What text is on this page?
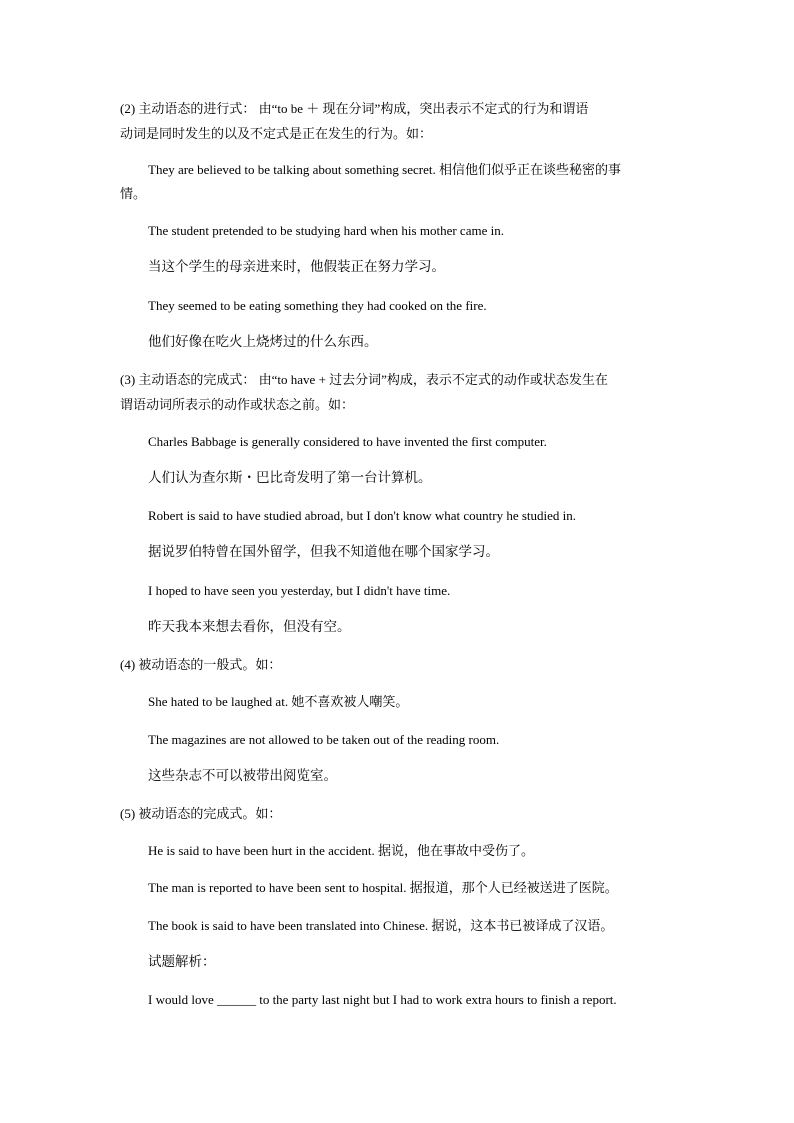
(2) 主动语态的进行式： 由“to be ＋ 现在分词”构成，突出表示不定式的行为和谓语
动词是同时发生的以及不定式是正在发生的行为。如：
They are believed to be talking about something secret. 相信他们似乎正在谈些秘密的事
情。
The student pretended to be studying hard when his mother came in.
当这个学生的母亲进来时，他假装正在努力学习。
They seemed to be eating something they had cooked on the fire.
他们好像在吃火上烧烤过的什么东西。
(3) 主动语态的完成式： 由“to have + 过去分词”构成，表示不定式的动作或状态发生在
谓语动词所表示的动作或状态之前。如：
Charles Babbage is generally considered to have invented the first computer.
人们认为查尔斯・巴比奇发明了第一台计算机。
Robert is said to have studied abroad, but I don't know what country he studied in.
据说罗伯特曾在国外留学，但我不知道他在哪个国家学习。
I hoped to have seen you yesterday, but I didn't have time.
昨天我本来想去看你，但没有空。
(4) 被动语态的一般式。如：
She hated to be laughed at. 她不喜欢被人嘲笑。
The magazines are not allowed to be taken out of the reading room.
这些杂志不可以被带出阅览室。
(5) 被动语态的完成式。如：
He is said to have been hurt in the accident. 据说，他在事故中受伤了。
The man is reported to have been sent to hospital. 据报道，那个人已经被送进了医院。
The book is said to have been translated into Chinese. 据说，这本书已被译成了汉语。
试题解析：
I would love ______ to the party last night but I had to work extra hours to finish a report.
